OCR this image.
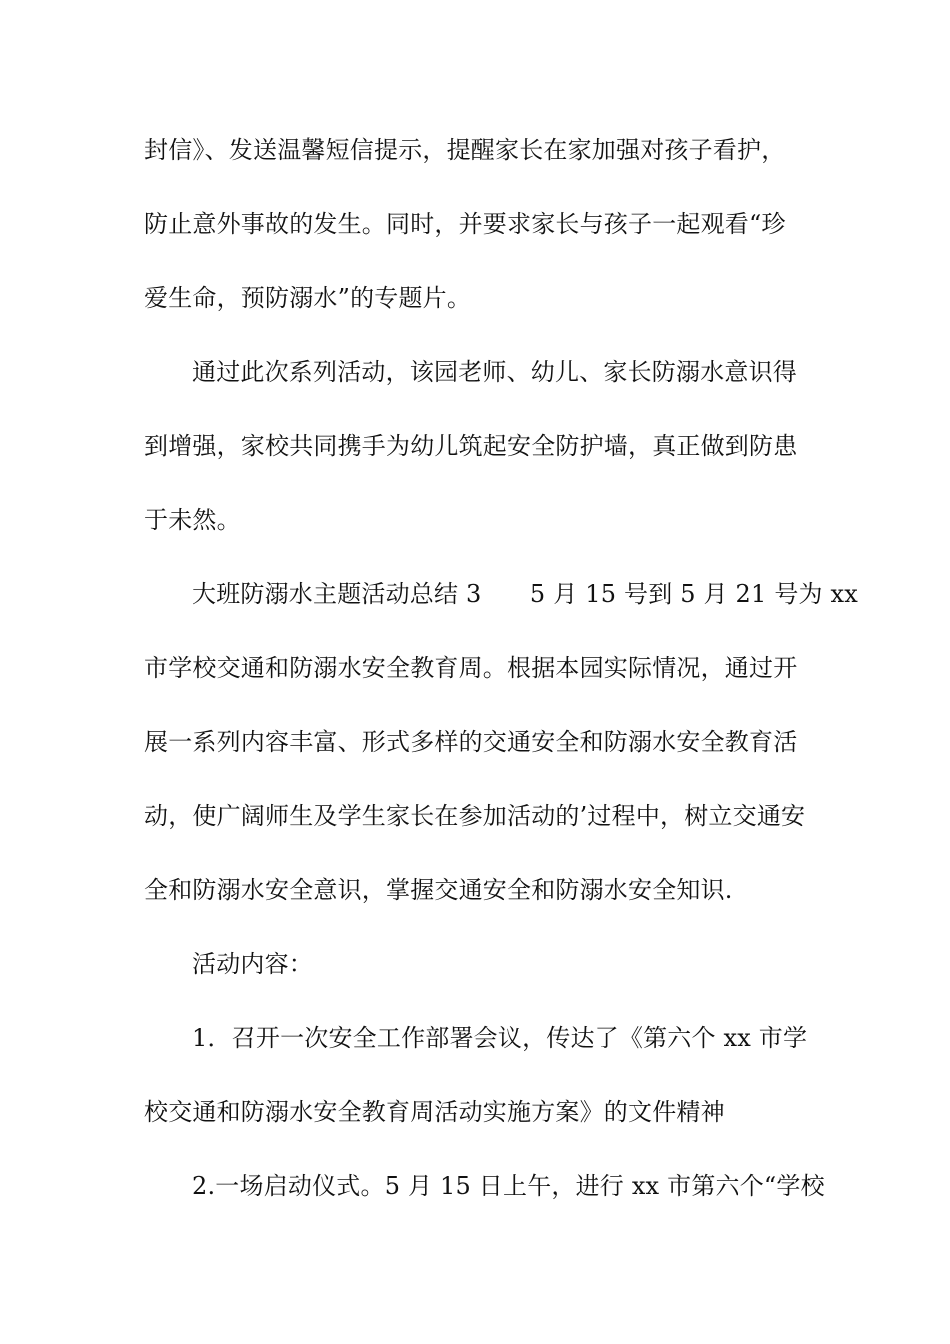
封信》、发送温馨短信提示，提醒家长在家加强对孩子看护，
防止意外事故的发生。同时，并要求家长与孩子一起观看“珍
爱生命，预防溺水”的专题片。
通过此次系列活动，该园老师、幼儿、家长防溺水意识得
到增强，家校共同携手为幼儿筑起安全防护墙，真正做到防患
于未然。
大班防溺水主题活动总结 3　　5 月 15 号到 5 月 21 号为 xx
市学校交通和防溺水安全教育周。根据本园实际情况，通过开
展一系列内容丰富、形式多样的交通安全和防溺水安全教育活
动，使广阔师生及学生家长在参加活动的’过程中，树立交通安
全和防溺水安全意识，掌握交通安全和防溺水安全知识.
活动内容：
1．召开一次安全工作部署会议，传达了《第六个 xx 市学
校交通和防溺水安全教育周活动实施方案》的文件精神
2.一场启动仪式。5 月 15 日上午，进行 xx 市第六个“学校
